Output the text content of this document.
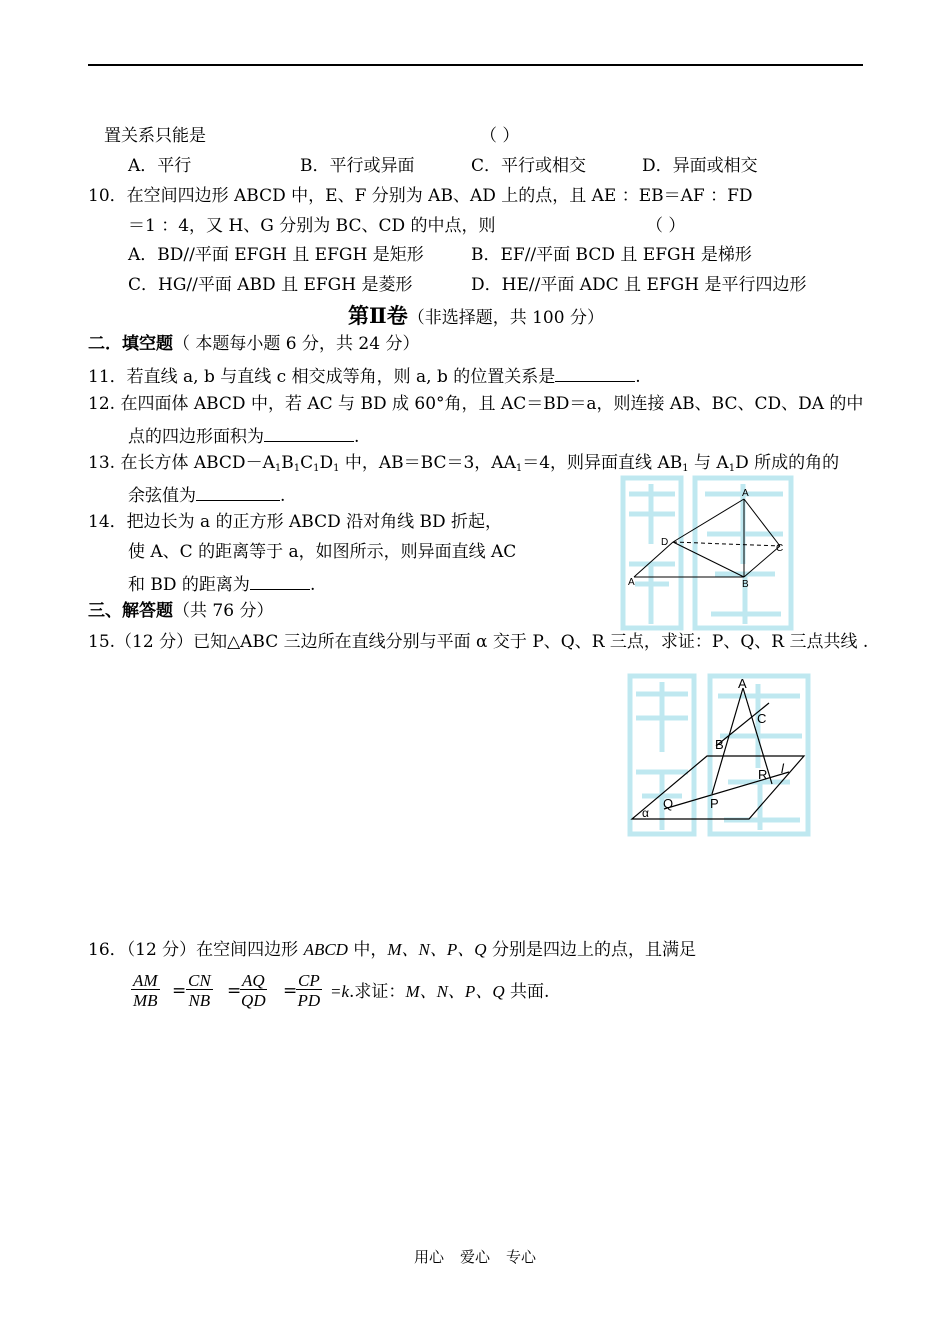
置关系只能是	（ ）
A．平行	B．平行或异面	C．平行或相交	D．异面或相交
10．在空间四边形 ABCD 中，E、F 分别为 AB、AD 上的点，且 AE ：EB＝AF ：FD
＝1 ：4，又 H、G 分别为 BC、CD 的中点，则	（ ）
A．BD//平面 EFGH 且 EFGH 是矩形	B．EF//平面 BCD 且 EFGH 是梯形
C．HG//平面 ABD 且 EFGH 是菱形	D．HE//平面 ADC 且 EFGH 是平行四边形
第Ⅱ卷（非选择题，共 100 分）
二．填空题（ 本题每小题 6 分，共 24 分）
11．若直线 a, b 与直线 c 相交成等角，则 a, b 的位置关系是	.
12. 在四面体 ABCD 中，若 AC 与 BD 成 60°角，且 AC＝BD＝a，则连接 AB、BC、CD、DA 的中
点的四边形面积为	.
13. 在长方体 $ABCD-A_1B_1C_1D_1$ 中，AB＝BC＝3，$AA_1=4$，则异面直线 $AB_1$ 与 $A_1D$ 所成的角的
余弦值为	.
14．把边长为 a 的正方形 ABCD 沿对角线 BD 折起，
使 A、C 的距离等于 a，如图所示，则异面直线 AC
和 BD 的距离为	.
A
D
C
A	B
三、解答题（共 76 分）
15.（12 分）已知△ABC 三边所在直线分别与平面 α 交于 P、Q、R 三点，求证：P、Q、R 三点共线 .
A
C
B
R l
Q	P
α
16．（12 分）在空间四边形 ABCD 中，M、N、P、Q 分别是四边上的点，且满足
$\frac{AM}{MB} = \frac{CN}{NB}$ =
$\frac{AQ}{QD}$ =
$\frac{CP}{PD} =k$.求证：M、N、P、Q 共面.
用心 爱心 专心
